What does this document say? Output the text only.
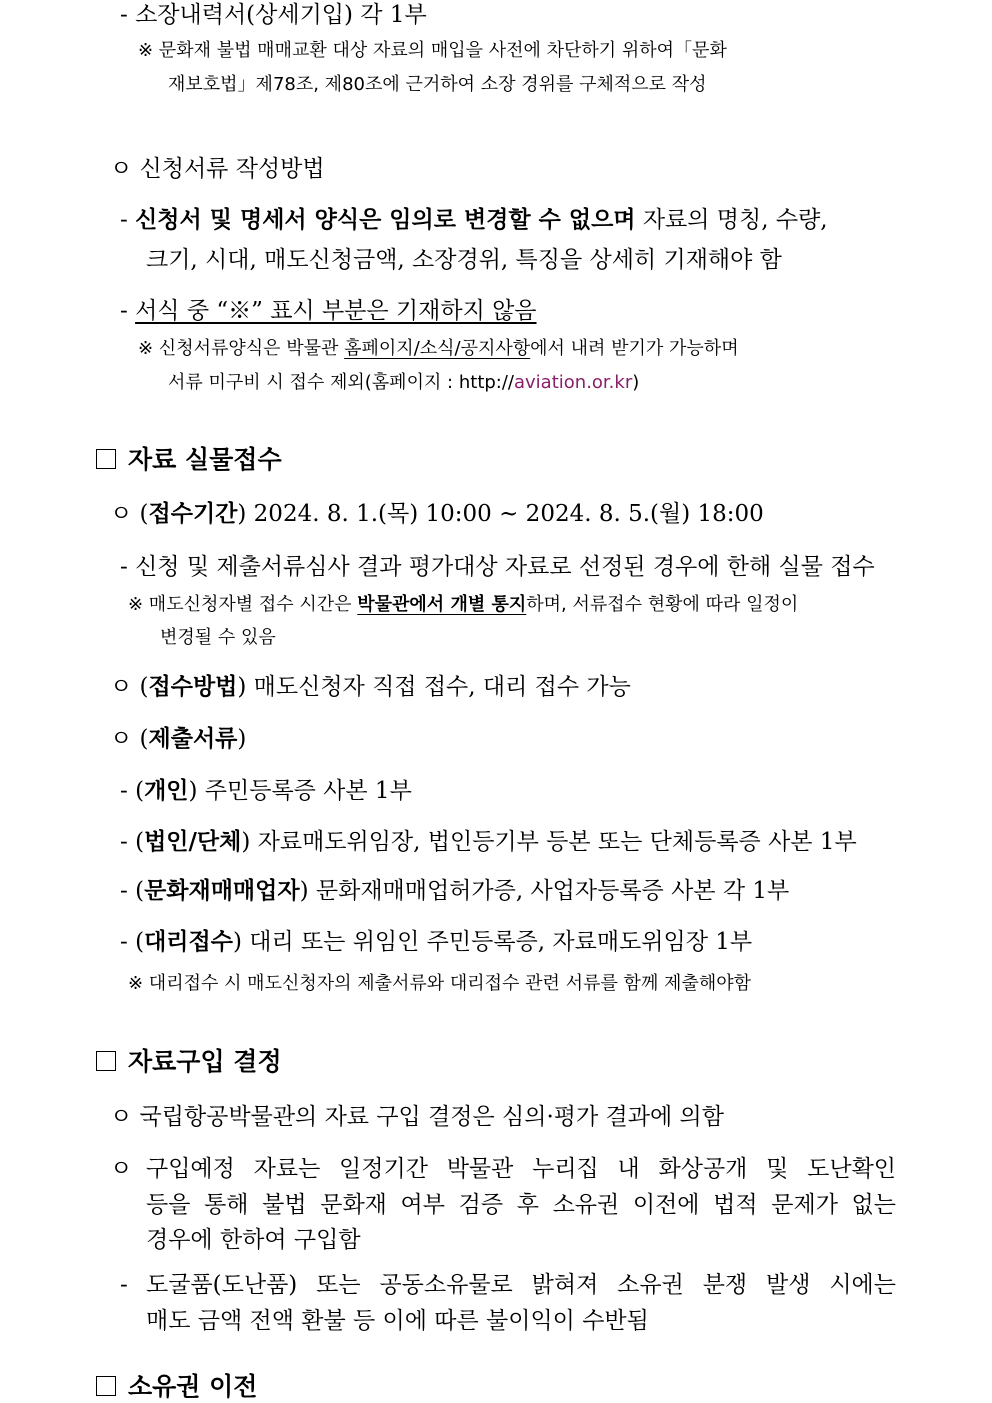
- 소장내력서(상세기입) 각 1부
※ 문화재 불법 매매교환 대상 자료의 매입을 사전에 차단하기 위하여「문화
재보호법」제78조, 제80조에 근거하여 소장 경위를 구체적으로 작성
ㅇ 신청서류 작성방법
- 신청서 및 명세서 양식은 임의로 변경할 수 없으며 자료의 명칭, 수량,
크기, 시대, 매도신청금액, 소장경위, 특징을 상세히 기재해야 함
- 서식 중 “※” 표시 부분은 기재하지 않음
※ 신청서류양식은 박물관 홈페이지/소식/공지사항에서 내려 받기가 가능하며
서류 미구비 시 접수 제외(홈페이지 : http://aviation.or.kr)
자료 실물접수
ㅇ (접수기간) 2024. 8. 1.(목) 10:00 ~ 2024. 8. 5.(월) 18:00
- 신청 및 제출서류심사 결과 평가대상 자료로 선정된 경우에 한해 실물 접수
※ 매도신청자별 접수 시간은 박물관에서 개별 통지하며, 서류접수 현황에 따라 일정이
변경될 수 있음
ㅇ (접수방법) 매도신청자 직접 접수, 대리 접수 가능
ㅇ (제출서류)
- (개인) 주민등록증 사본 1부
- (법인/단체) 자료매도위임장, 법인등기부 등본 또는 단체등록증 사본 1부
- (문화재매매업자) 문화재매매업허가증, 사업자등록증 사본 각 1부
- (대리접수) 대리 또는 위임인 주민등록증, 자료매도위임장 1부
※ 대리접수 시 매도신청자의 제출서류와 대리접수 관련 서류를 함께 제출해야함
자료구입 결정
ㅇ 국립항공박물관의 자료 구입 결정은 심의·평가 결과에 의함
ㅇ 구입예정 자료는 일정기간 박물관 누리집 내 화상공개 및 도난확인
등을 통해 불법 문화재 여부 검증 후 소유권 이전에 법적 문제가 없는
경우에 한하여 구입함
- 도굴품(도난품) 또는 공동소유물로 밝혀져 소유권 분쟁 발생 시에는
매도 금액 전액 환불 등 이에 따른 불이익이 수반됨
소유권 이전
